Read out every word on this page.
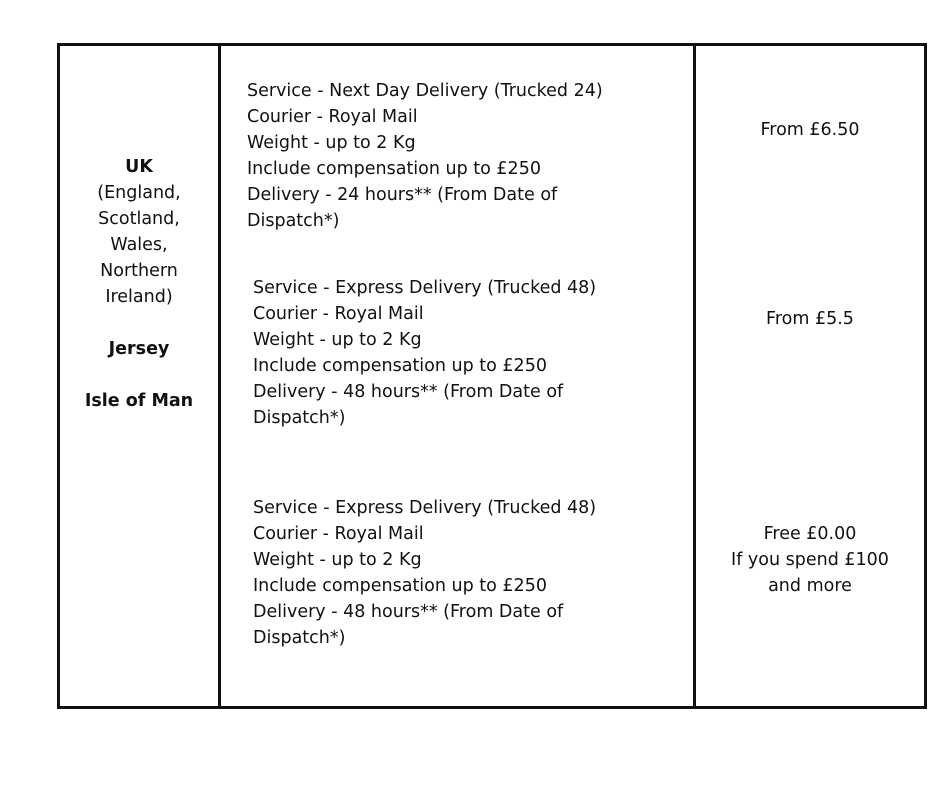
UK
(England,
Scotland,
Wales,
Northern
Ireland)
Jersey
Isle of Man
Service - Next Day Delivery (Trucked 24)
Courier - Royal Mail
Weight - up to 2 Kg
Include compensation up to £250
Delivery - 24 hours** (From Date of
Dispatch*)
Service - Express Delivery (Trucked 48)
Courier - Royal Mail
Weight - up to 2 Kg
Include compensation up to £250
Delivery - 48 hours** (From Date of
Dispatch*)
Service - Express Delivery (Trucked 48)
Courier - Royal Mail
Weight - up to 2 Kg
Include compensation up to £250
Delivery - 48 hours** (From Date of
Dispatch*)
From £6.50
From £5.5
Free £0.00
If you spend £100
and more
